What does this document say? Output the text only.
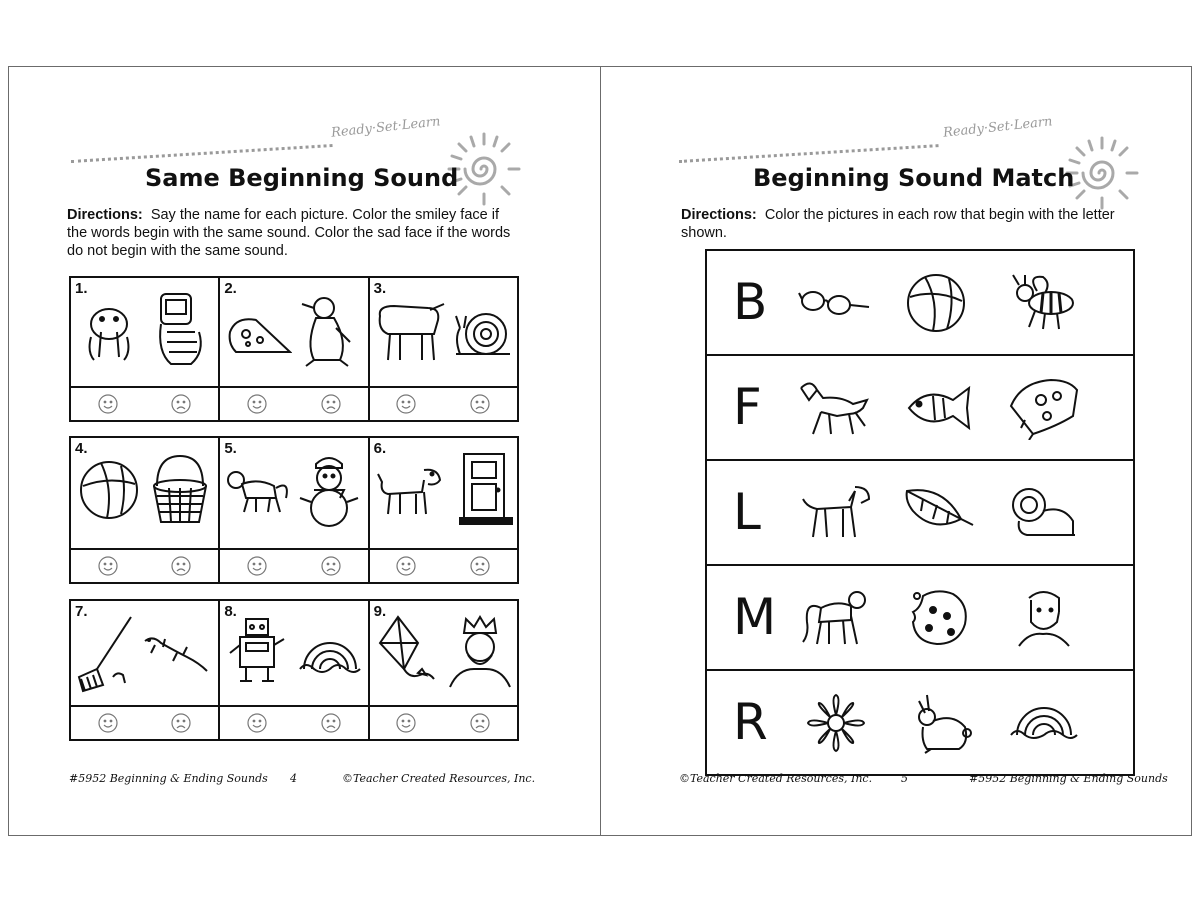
Ready·Set·Learn
Same Beginning Sound
Directions: Say the name for each picture. Color the smiley face if the words begin with the same sound. Color the sad face if the words do not begin with the same sound.
1.	2.	3.
4.	5.	6.
7.	8.	9.
#5952 Beginning & Ending Sounds 4	©Teacher Created Resources, Inc.
Ready·Set·Learn
Beginning Sound Match
Directions: Color the pictures in each row that begin with the letter shown.
B
F
L
M
R
©Teacher Created Resources, Inc.	5	#5952 Beginning & Ending Sounds
